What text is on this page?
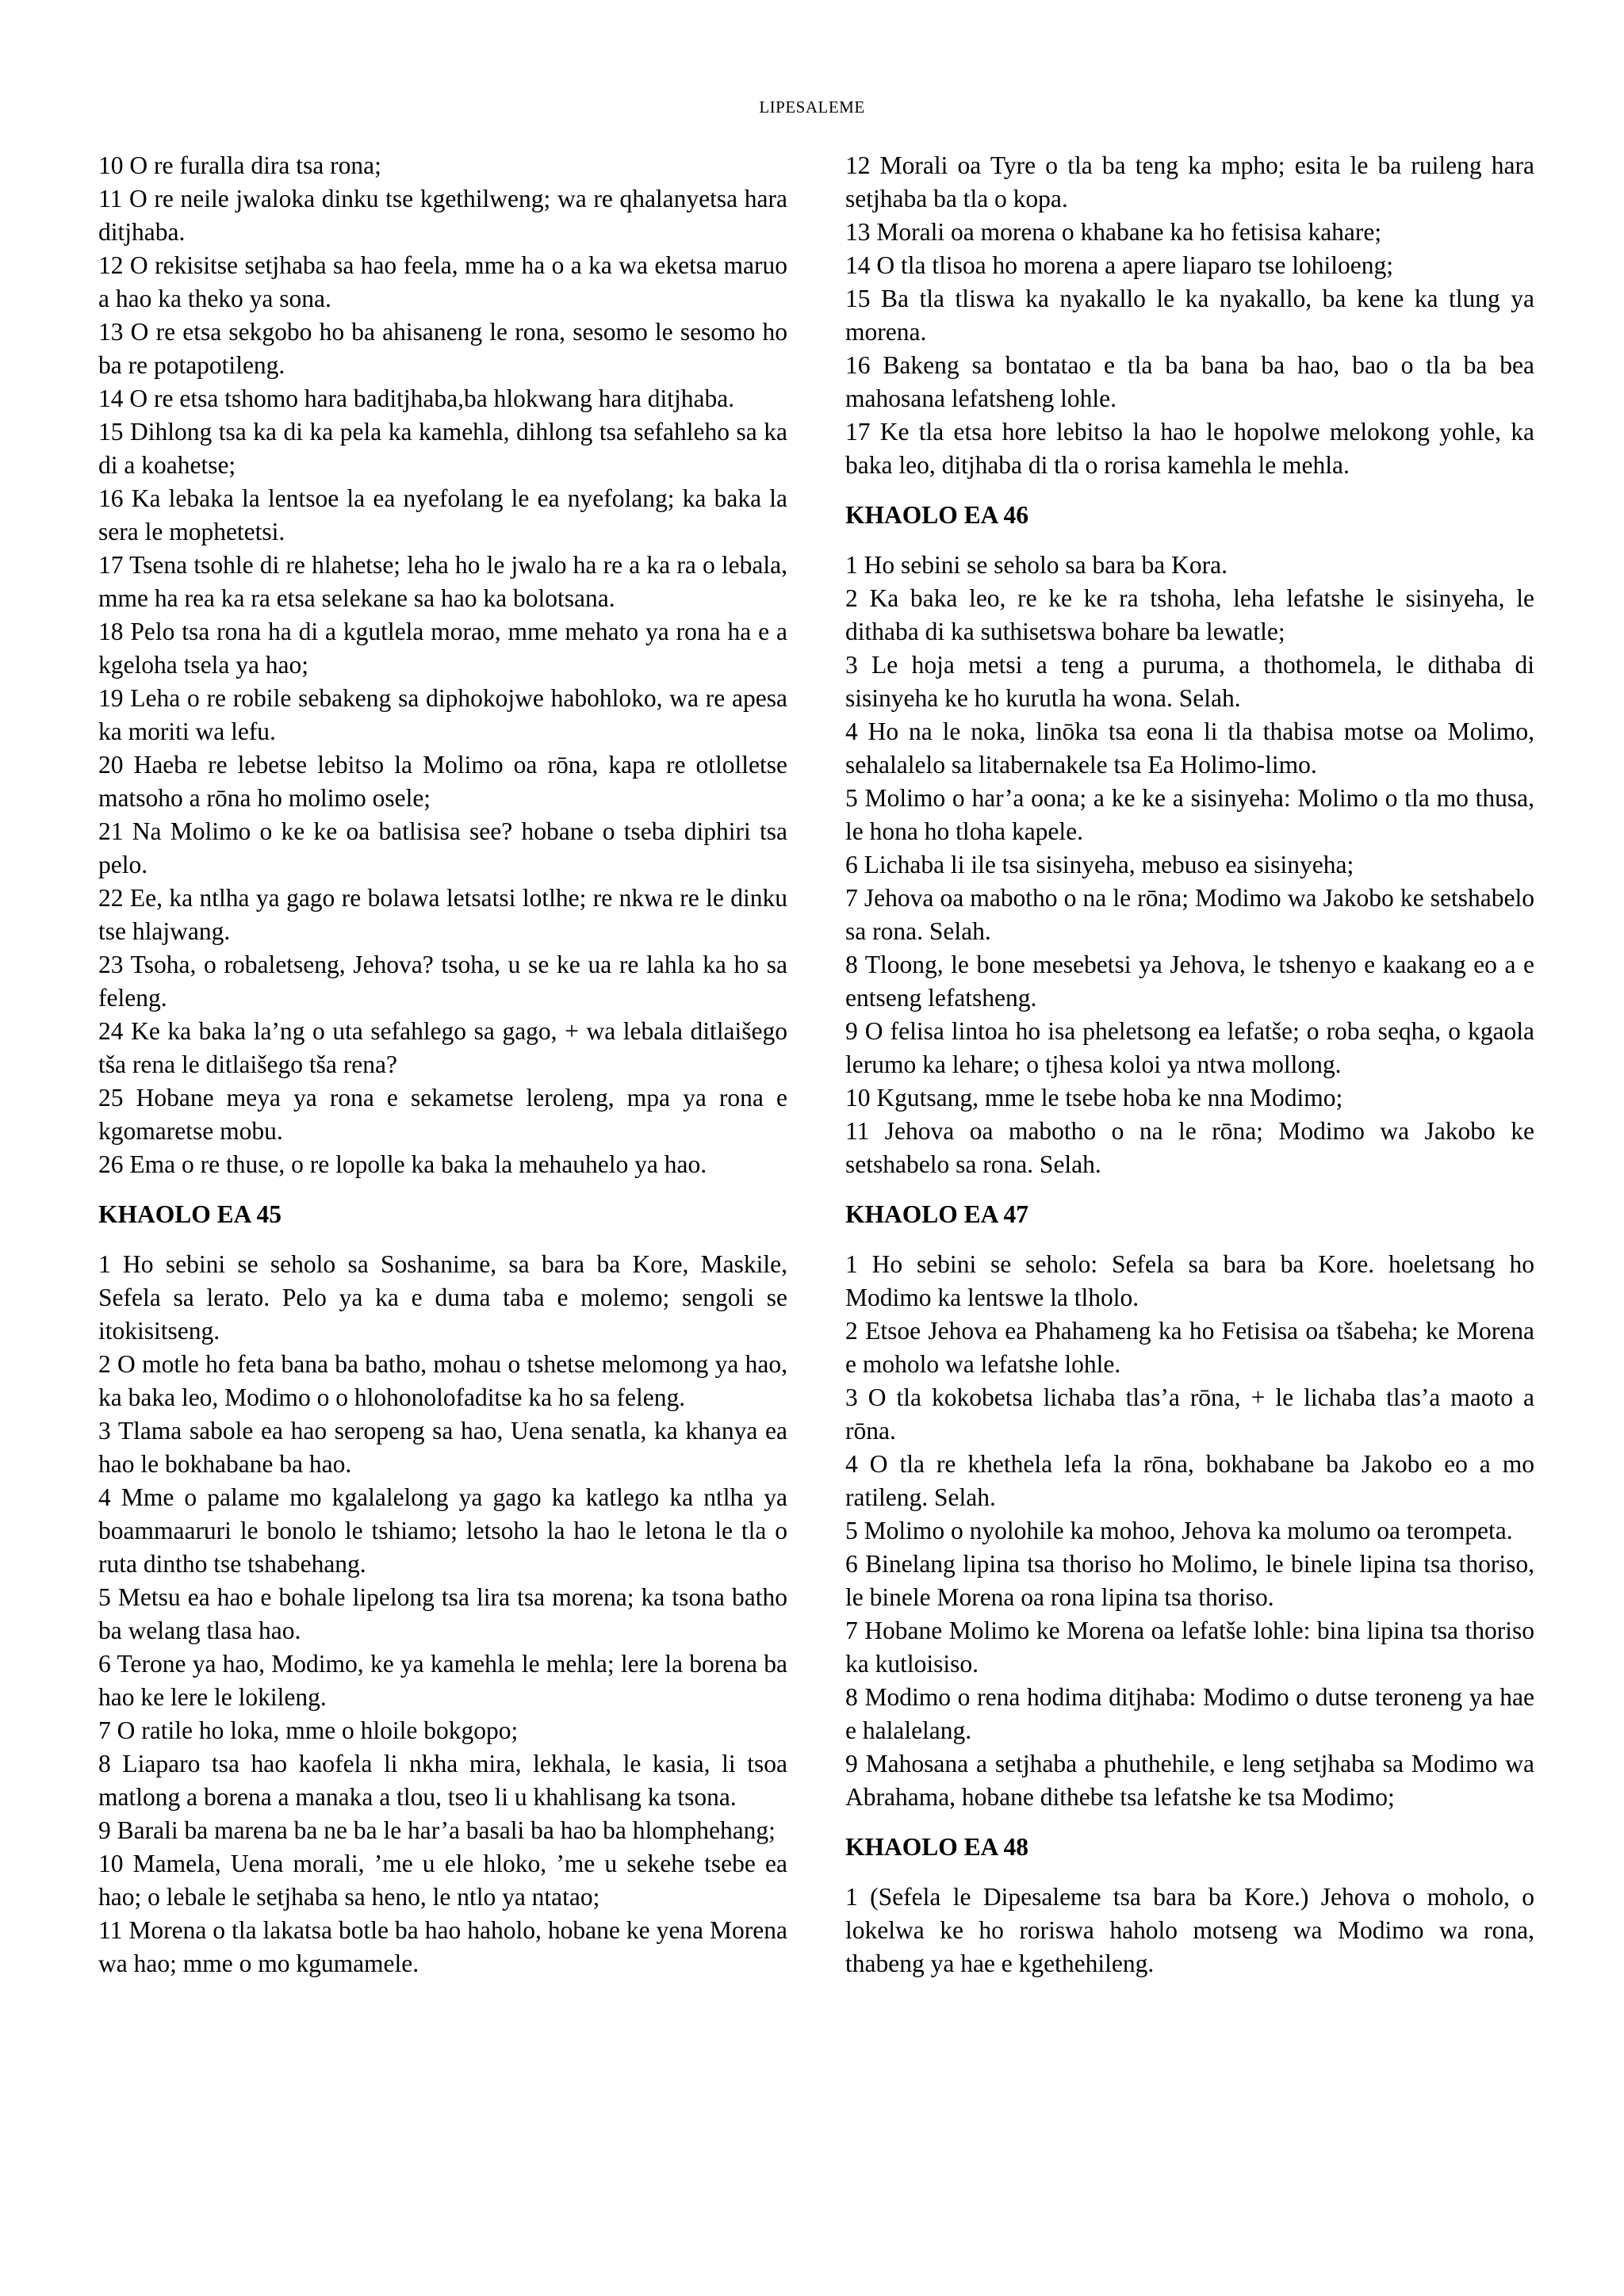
LIPESALEME

10 O re furalla dira tsa rona;

11 O re neile jwaloka dinku tse kgethilweng; wa re qhalanyetsa hara ditjhaba.

12 O rekisitse setjhaba sa hao feela, mme ha o a ka wa eketsa maruo a hao ka theko ya sona.

13 O re etsa sekgobo ho ba ahisaneng le rona, sesomo le sesomo ho ba re potapotileng.

14 O re etsa tshomo hara baditjhaba,ba hlokwang hara ditjhaba.

15 Dihlong tsa ka di ka pela ka kamehla, dihlong tsa sefahleho sa ka di a koahetse;

16 Ka lebaka la lentsoe la ea nyefolang le ea nyefolang; ka baka la sera le mophetetsi.

17 Tsena tsohle di re hlahetse; leha ho le jwalo ha re a ka ra o lebala, mme ha rea ka ra etsa selekane sa hao ka bolotsana.

18 Pelo tsa rona ha di a kgutlela morao, mme mehato ya rona ha e a kgeloha tsela ya hao;

19 Leha o re robile sebakeng sa diphokojwe habohloko, wa re apesa ka moriti wa lefu.

20 Haeba re lebetse lebitso la Molimo oa rōna, kapa re otlolletse matsoho a rōna ho molimo osele;

21 Na Molimo o ke ke oa batlisisa see? hobane o tseba diphiri tsa pelo.

22 Ee, ka ntlha ya gago re bolawa letsatsi lotlhe; re nkwa re le dinku tse hlajwang.

23 Tsoha, o robaletseng, Jehova? tsoha, u se ke ua re lahla ka ho sa feleng.

24 Ke ka baka la’ng o uta sefahlego sa gago, + wa lebala ditlaišego tša rena le ditlaišego tša rena?

25 Hobane meya ya rona e sekametse leroleng, mpa ya rona e kgomaretse mobu.

26 Ema o re thuse, o re lopolle ka baka la mehauhelo ya hao.

KHAOLO EA 45

1 Ho sebini se seholo sa Soshanime, sa bara ba Kore, Maskile, Sefela sa lerato. Pelo ya ka e duma taba e molemo; sengoli se itokisitseng.

2 O motle ho feta bana ba batho, mohau o tshetse melomong ya hao, ka baka leo, Modimo o o hlohonolofaditse ka ho sa feleng.

3 Tlama sabole ea hao seropeng sa hao, Uena senatla, ka khanya ea hao le bokhabane ba hao.

4 Mme o palame mo kgalalelong ya gago ka katlego ka ntlha ya boammaaruri le bonolo le tshiamo; letsoho la hao le letona le tla o ruta dintho tse tshabehang.

5 Metsu ea hao e bohale lipelong tsa lira tsa morena; ka tsona batho ba welang tlasa hao.

6 Terone ya hao, Modimo, ke ya kamehla le mehla; lere la borena ba hao ke lere le lokileng.

7 O ratile ho loka, mme o hloile bokgopo;

8 Liaparo tsa hao kaofela li nkha mira, lekhala, le kasia, li tsoa matlong a borena a manaka a tlou, tseo li u khahlisang ka tsona.

9 Barali ba marena ba ne ba le har’a basali ba hao ba hlomphehang;

10 Mamela, Uena morali, ’me u ele hloko, ’me u sekehe tsebe ea hao; o lebale le setjhaba sa heno, le ntlo ya ntatao;

11 Morena o tla lakatsa botle ba hao haholo, hobane ke yena Morena wa hao; mme o mo kgumamele.

12 Morali oa Tyre o tla ba teng ka mpho; esita le ba ruileng hara setjhaba ba tla o kopa.

13 Morali oa morena o khabane ka ho fetisisa kahare;

14 O tla tlisoa ho morena a apere liaparo tse lohiloeng;

15 Ba tla tliswa ka nyakallo le ka nyakallo, ba kene ka tlung ya morena.

16 Bakeng sa bontatao e tla ba bana ba hao, bao o tla ba bea mahosana lefatsheng lohle.

17 Ke tla etsa hore lebitso la hao le hopolwe melokong yohle, ka baka leo, ditjhaba di tla o rorisa kamehla le mehla.

KHAOLO EA 46

1 Ho sebini se seholo sa bara ba Kora.

2 Ka baka leo, re ke ke ra tshoha, leha lefatshe le sisinyeha, le dithaba di ka suthisetswa bohare ba lewatle;

3 Le hoja metsi a teng a puruma, a thothomela, le dithaba di sisinyeha ke ho kurutla ha wona. Selah.

4 Ho na le noka, linōka tsa eona li tla thabisa motse oa Molimo, sehalalelo sa litabernakele tsa Ea Holimo-limo.

5 Molimo o har’a oona; a ke ke a sisinyeha: Molimo o tla mo thusa, le hona ho tloha kapele.

6 Lichaba li ile tsa sisinyeha, mebuso ea sisinyeha;

7 Jehova oa mabotho o na le rōna; Modimo wa Jakobo ke setshabelo sa rona. Selah.

8 Tloong, le bone mesebetsi ya Jehova, le tshenyo e kaakang eo a e entseng lefatsheng.

9 O felisa lintoa ho isa pheletsong ea lefatše; o roba seqha, o kgaola lerumo ka lehare; o tjhesa koloi ya ntwa mollong.

10 Kgutsang, mme le tsebe hoba ke nna Modimo;

11 Jehova oa mabotho o na le rōna; Modimo wa Jakobo ke setshabelo sa rona. Selah.

KHAOLO EA 47

1 Ho sebini se seholo: Sefela sa bara ba Kore. hoeletsang ho Modimo ka lentswe la tlholo.

2 Etsoe Jehova ea Phahameng ka ho Fetisisa oa tšabeha; ke Morena e moholo wa lefatshe lohle.

3 O tla kokobetsa lichaba tlas’a rōna, + le lichaba tlas’a maoto a rōna.

4 O tla re khethela lefa la rōna, bokhabane ba Jakobo eo a mo ratileng. Selah.

5 Molimo o nyolohile ka mohoo, Jehova ka molumo oa terompeta.

6 Binelang lipina tsa thoriso ho Molimo, le binele lipina tsa thoriso, le binele Morena oa rona lipina tsa thoriso.

7 Hobane Molimo ke Morena oa lefatše lohle: bina lipina tsa thoriso ka kutloisiso.

8 Modimo o rena hodima ditjhaba: Modimo o dutse teroneng ya hae e halalelang.

9 Mahosana a setjhaba a phuthehile, e leng setjhaba sa Modimo wa Abrahama, hobane dithebe tsa lefatshe ke tsa Modimo;

KHAOLO EA 48

1 (Sefela le Dipesaleme tsa bara ba Kore.) Jehova o moholo, o lokelwa ke ho roriswa haholo motseng wa Modimo wa rona, thabeng ya hae e kgethehileng.
